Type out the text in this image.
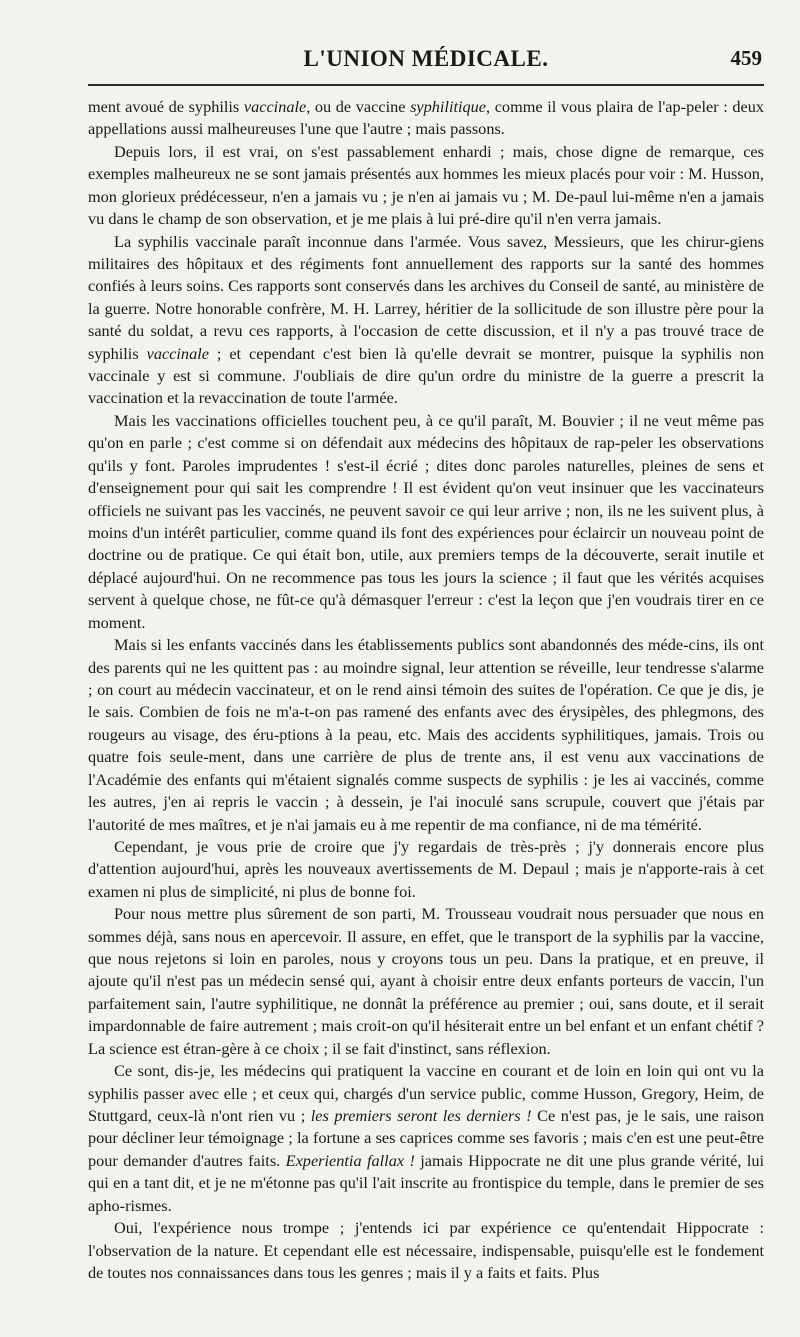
L'UNION MÉDICALE.	459

ment avoué de syphilis vaccinale, ou de vaccine syphilitique, comme il vous plaira de l'ap-peler : deux appellations aussi malheureuses l'une que l'autre ; mais passons.

Depuis lors, il est vrai, on s'est passablement enhardi ; mais, chose digne de remarque, ces exemples malheureux ne se sont jamais présentés aux hommes les mieux placés pour voir : M. Husson, mon glorieux prédécesseur, n'en a jamais vu ; je n'en ai jamais vu ; M. De-paul lui-même n'en a jamais vu dans le champ de son observation, et je me plais à lui pré-dire qu'il n'en verra jamais.

La syphilis vaccinale paraît inconnue dans l'armée. Vous savez, Messieurs, que les chirur-giens militaires des hôpitaux et des régiments font annuellement des rapports sur la santé des hommes confiés à leurs soins. Ces rapports sont conservés dans les archives du Conseil de santé, au ministère de la guerre. Notre honorable confrère, M. H. Larrey, héritier de la sollicitude de son illustre père pour la santé du soldat, a revu ces rapports, à l'occasion de cette discussion, et il n'y a pas trouvé trace de syphilis vaccinale ; et cependant c'est bien là qu'elle devrait se montrer, puisque la syphilis non vaccinale y est si commune. J'oubliais de dire qu'un ordre du ministre de la guerre a prescrit la vaccination et la revaccination de toute l'armée.

Mais les vaccinations officielles touchent peu, à ce qu'il paraît, M. Bouvier ; il ne veut même pas qu'on en parle ; c'est comme si on défendait aux médecins des hôpitaux de rap-peler les observations qu'ils y font. Paroles imprudentes ! s'est-il écrié ; dites donc paroles naturelles, pleines de sens et d'enseignement pour qui sait les comprendre ! Il est évident qu'on veut insinuer que les vaccinateurs officiels ne suivant pas les vaccinés, ne peuvent savoir ce qui leur arrive ; non, ils ne les suivent plus, à moins d'un intérêt particulier, comme quand ils font des expériences pour éclaircir un nouveau point de doctrine ou de pratique. Ce qui était bon, utile, aux premiers temps de la découverte, serait inutile et déplacé aujourd'hui. On ne recommence pas tous les jours la science ; il faut que les vérités acquises servent à quelque chose, ne fût-ce qu'à démasquer l'erreur : c'est la leçon que j'en voudrais tirer en ce moment.

Mais si les enfants vaccinés dans les établissements publics sont abandonnés des méde-cins, ils ont des parents qui ne les quittent pas : au moindre signal, leur attention se réveille, leur tendresse s'alarme ; on court au médecin vaccinateur, et on le rend ainsi témoin des suites de l'opération. Ce que je dis, je le sais. Combien de fois ne m'a-t-on pas ramené des enfants avec des érysipèles, des phlegmons, des rougeurs au visage, des éru-ptions à la peau, etc. Mais des accidents syphilitiques, jamais. Trois ou quatre fois seule-ment, dans une carrière de plus de trente ans, il est venu aux vaccinations de l'Académie des enfants qui m'étaient signalés comme suspects de syphilis : je les ai vaccinés, comme les autres, j'en ai repris le vaccin ; à dessein, je l'ai inoculé sans scrupule, couvert que j'étais par l'autorité de mes maîtres, et je n'ai jamais eu à me repentir de ma confiance, ni de ma témérité.

Cependant, je vous prie de croire que j'y regardais de très-près ; j'y donnerais encore plus d'attention aujourd'hui, après les nouveaux avertissements de M. Depaul ; mais je n'apporte-rais à cet examen ni plus de simplicité, ni plus de bonne foi.

Pour nous mettre plus sûrement de son parti, M. Trousseau voudrait nous persuader que nous en sommes déjà, sans nous en apercevoir. Il assure, en effet, que le transport de la syphilis par la vaccine, que nous rejetons si loin en paroles, nous y croyons tous un peu. Dans la pratique, et en preuve, il ajoute qu'il n'est pas un médecin sensé qui, ayant à choisir entre deux enfants porteurs de vaccin, l'un parfaitement sain, l'autre syphilitique, ne donnât la préférence au premier ; oui, sans doute, et il serait impardonnable de faire autrement ; mais croit-on qu'il hésiterait entre un bel enfant et un enfant chétif ? La science est étran-gère à ce choix ; il se fait d'instinct, sans réflexion.

Ce sont, dis-je, les médecins qui pratiquent la vaccine en courant et de loin en loin qui ont vu la syphilis passer avec elle ; et ceux qui, chargés d'un service public, comme Husson, Gregory, Heim, de Stuttgard, ceux-là n'ont rien vu ; les premiers seront les derniers ! Ce n'est pas, je le sais, une raison pour décliner leur témoignage ; la fortune a ses caprices comme ses favoris ; mais c'en est une peut-être pour demander d'autres faits. Experientia fallax ! jamais Hippocrate ne dit une plus grande vérité, lui qui en a tant dit, et je ne m'étonne pas qu'il l'ait inscrite au frontispice du temple, dans le premier de ses apho-rismes.

Oui, l'expérience nous trompe ; j'entends ici par expérience ce qu'entendait Hippocrate : l'observation de la nature. Et cependant elle est nécessaire, indispensable, puisqu'elle est le fondement de toutes nos connaissances dans tous les genres ; mais il y a faits et faits. Plus
